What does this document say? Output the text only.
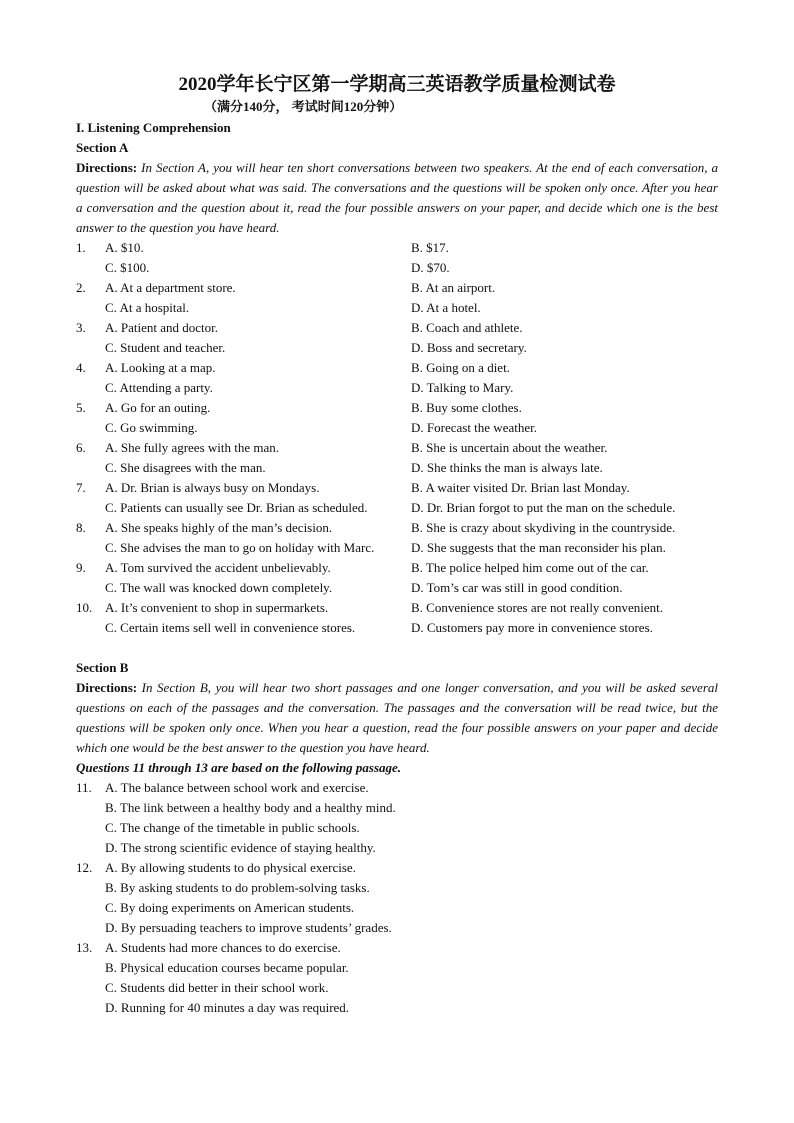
2020学年长宁区第一学期高三英语教学质量检测试卷
（满分140分， 考试时间120分钟）
I. Listening Comprehension
Section A
Directions: In Section A, you will hear ten short conversations between two speakers. At the end of each conversation, a question will be asked about what was said. The conversations and the questions will be spoken only once. After you hear a conversation and the question about it, read the four possible answers on your paper, and decide which one is the best answer to the question you have heard.
1.	A. $10.	B. $17.
C. $100.	D. $70.
2.	A. At a department store.	B. At an airport.
C. At a hospital.	D. At a hotel.
3.	A. Patient and doctor.	B. Coach and athlete.
C. Student and teacher.	D. Boss and secretary.
4.	A. Looking at a map.	B. Going on a diet.
C. Attending a party.	D. Talking to Mary.
5.	A. Go for an outing.	B. Buy some clothes.
C. Go swimming.	D. Forecast the weather.
6.	A. She fully agrees with the man.	B. She is uncertain about the weather.
C. She disagrees with the man.	D. She thinks the man is always late.
7.	A. Dr. Brian is always busy on Mondays.	B. A waiter visited Dr. Brian last Monday.
C. Patients can usually see Dr. Brian as scheduled.	D. Dr. Brian forgot to put the man on the schedule.
8.	A. She speaks highly of the man’s decision.	B. She is crazy about skydiving in the countryside.
C. She advises the man to go on holiday with Marc.	D. She suggests that the man reconsider his plan.
9.	A. Tom survived the accident unbelievably.	B. The police helped him come out of the car.
C. The wall was knocked down completely.	D. Tom’s car was still in good condition.
10. A. It’s convenient to shop in supermarkets.	B. Convenience stores are not really convenient.
C. Certain items sell well in convenience stores.	D. Customers pay more in convenience stores.
Section B
Directions: In Section B, you will hear two short passages and one longer conversation, and you will be asked several questions on each of the passages and the conversation. The passages and the conversation will be read twice, but the questions will be spoken only once. When you hear a question, read the four possible answers on your paper and decide which one would be the best answer to the question you have heard.
Questions 11 through 13 are based on the following passage.
11.	A. The balance between school work and exercise.
B. The link between a healthy body and a healthy mind.
C. The change of the timetable in public schools.
D. The strong scientific evidence of staying healthy.
12. A. By allowing students to do physical exercise.
B. By asking students to do problem-solving tasks.
C. By doing experiments on American students.
D. By persuading teachers to improve students’ grades.
13. A. Students had more chances to do exercise.
B. Physical education courses became popular.
C. Students did better in their school work.
D. Running for 40 minutes a day was required.
